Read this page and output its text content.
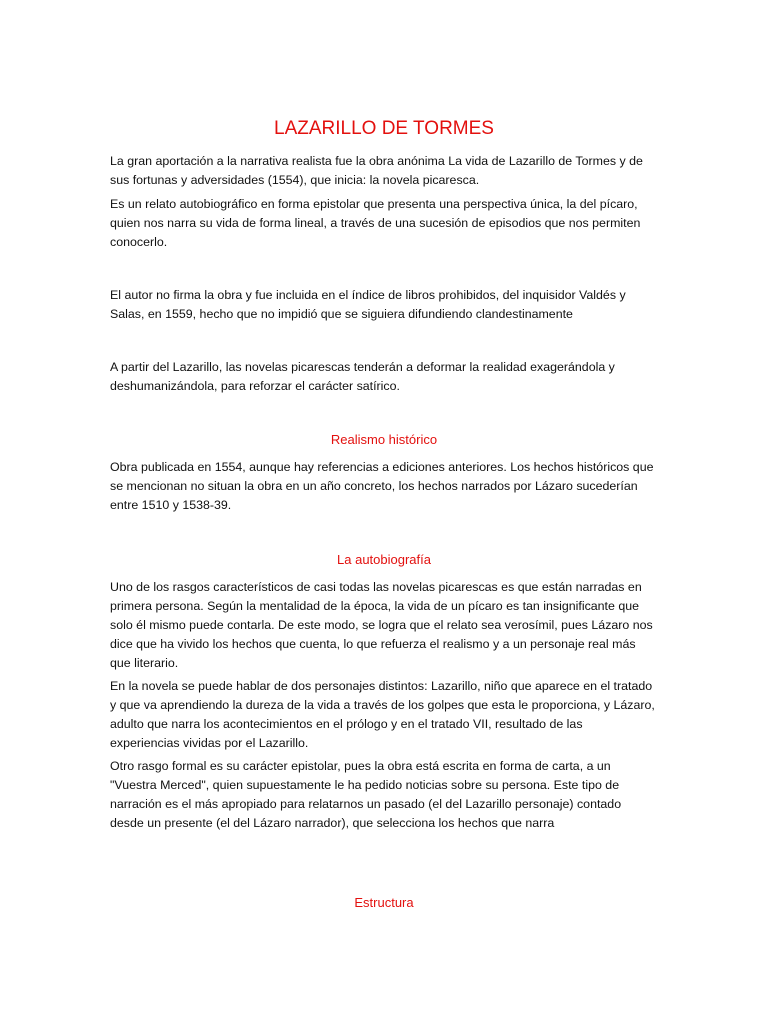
LAZARILLO DE TORMES

La gran aportación a la narrativa realista fue la obra anónima La vida de Lazarillo de Tormes y de sus fortunas y adversidades (1554), que inicia: la novela picaresca.

Es un relato autobiográfico en forma epistolar que presenta una perspectiva única, la del pícaro, quien nos narra su vida de forma lineal, a través de una sucesión de episodios que nos permiten conocerlo.

El autor no firma la obra y fue incluida en el índice de libros prohibidos, del inquisidor Valdés y Salas, en 1559, hecho que no impidió que se siguiera difundiendo clandestinamente

A partir del Lazarillo, las novelas picarescas tenderán a deformar la realidad exagerándola y deshumanizándola, para reforzar el carácter satírico.

Realismo histórico

Obra publicada en 1554, aunque hay referencias a ediciones anteriores. Los hechos históricos que se mencionan no situan la obra en un año concreto, los hechos narrados por Lázaro sucederían entre 1510 y 1538-39.

La autobiografía

Uno de los rasgos característicos de casi todas las novelas picarescas es que están narradas en primera persona. Según la mentalidad de la época, la vida de un pícaro es tan insignificante que solo él mismo puede contarla. De este modo, se logra que el relato sea verosímil, pues Lázaro nos dice que ha vivido los hechos que cuenta, lo que refuerza el realismo y a un personaje real más que literario.

En la novela se puede hablar de dos personajes distintos: Lazarillo, niño que aparece en el tratado y que va aprendiendo la dureza de la vida a través de los golpes que esta le proporciona, y Lázaro, adulto que narra los acontecimientos en el prólogo y en el tratado VII, resultado de las experiencias vividas por el Lazarillo.

Otro rasgo formal es su carácter epistolar, pues la obra está escrita en forma de carta, a un "Vuestra Merced", quien supuestamente le ha pedido noticias sobre su persona. Este tipo de narración es el más apropiado para relatarnos un pasado (el del Lazarillo personaje) contado desde un presente (el del Lázaro narrador), que selecciona los hechos que narra

Estructura
